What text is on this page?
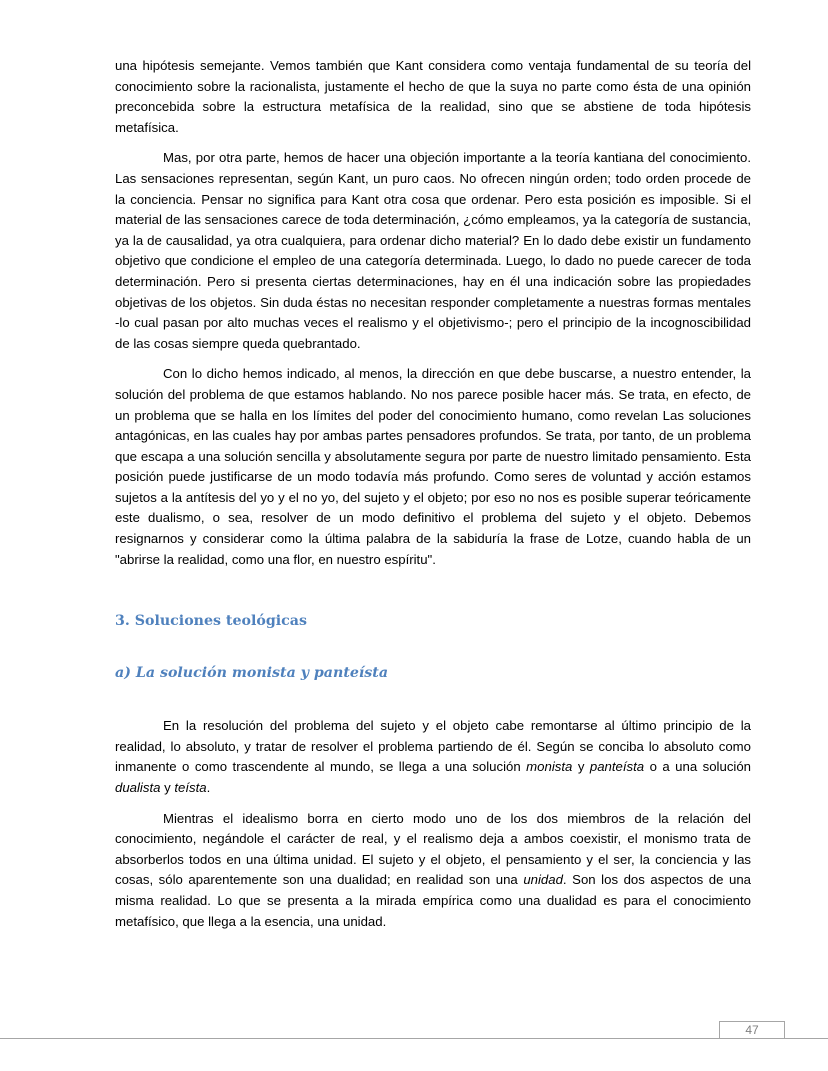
una hipótesis semejante. Vemos también que Kant considera como ventaja fundamental de su teoría del conocimiento sobre la racionalista, justamente el hecho de que la suya no parte como ésta de una opinión preconcebida sobre la estructura metafísica de la realidad, sino que se abstiene de toda hipótesis metafísica.

Mas, por otra parte, hemos de hacer una objeción importante a la teoría kantiana del conocimiento. Las sensaciones representan, según Kant, un puro caos. No ofrecen ningún orden; todo orden procede de la conciencia. Pensar no significa para Kant otra cosa que ordenar. Pero esta posición es imposible. Si el material de las sensaciones carece de toda determinación, ¿cómo empleamos, ya la categoría de sustancia, ya la de causalidad, ya otra cualquiera, para ordenar dicho material? En lo dado debe existir un fundamento objetivo que condicione el empleo de una categoría determinada. Luego, lo dado no puede carecer de toda determinación. Pero si presenta ciertas determinaciones, hay en él una indicación sobre las propiedades objetivas de los objetos. Sin duda éstas no necesitan responder completamente a nuestras formas mentales -lo cual pasan por alto muchas veces el realismo y el objetivismo-; pero el principio de la incognoscibilidad de las cosas siempre queda quebrantado.

Con lo dicho hemos indicado, al menos, la dirección en que debe buscarse, a nuestro entender, la solución del problema de que estamos hablando. No nos parece posible hacer más. Se trata, en efecto, de un problema que se halla en los límites del poder del conocimiento humano, como revelan Las soluciones antagónicas, en las cuales hay por ambas partes pensadores profundos. Se trata, por tanto, de un problema que escapa a una solución sencilla y absolutamente segura por parte de nuestro limitado pensamiento. Esta posición puede justificarse de un modo todavía más profundo. Como seres de voluntad y acción estamos sujetos a la antítesis del yo y el no yo, del sujeto y el objeto; por eso no nos es posible superar teóricamente este dualismo, o sea, resolver de un modo definitivo el problema del sujeto y el objeto. Debemos resignarnos y considerar como la última palabra de la sabiduría la frase de Lotze, cuando habla de un "abrirse la realidad, como una flor, en nuestro espíritu".

3. Soluciones teológicas
a) La solución monista y panteísta

En la resolución del problema del sujeto y el objeto cabe remontarse al último principio de la realidad, lo absoluto, y tratar de resolver el problema partiendo de él. Según se conciba lo absoluto como inmanente o como trascendente al mundo, se llega a una solución monista y panteísta o a una solución dualista y teísta.

Mientras el idealismo borra en cierto modo uno de los dos miembros de la relación del conocimiento, negándole el carácter de real, y el realismo deja a ambos coexistir, el monismo trata de absorberlos todos en una última unidad. El sujeto y el objeto, el pensamiento y el ser, la conciencia y las cosas, sólo aparentemente son una dualidad; en realidad son una unidad. Son los dos aspectos de una misma realidad. Lo que se presenta a la mirada empírica como una dualidad es para el conocimiento metafísico, que llega a la esencia, una unidad.

47
